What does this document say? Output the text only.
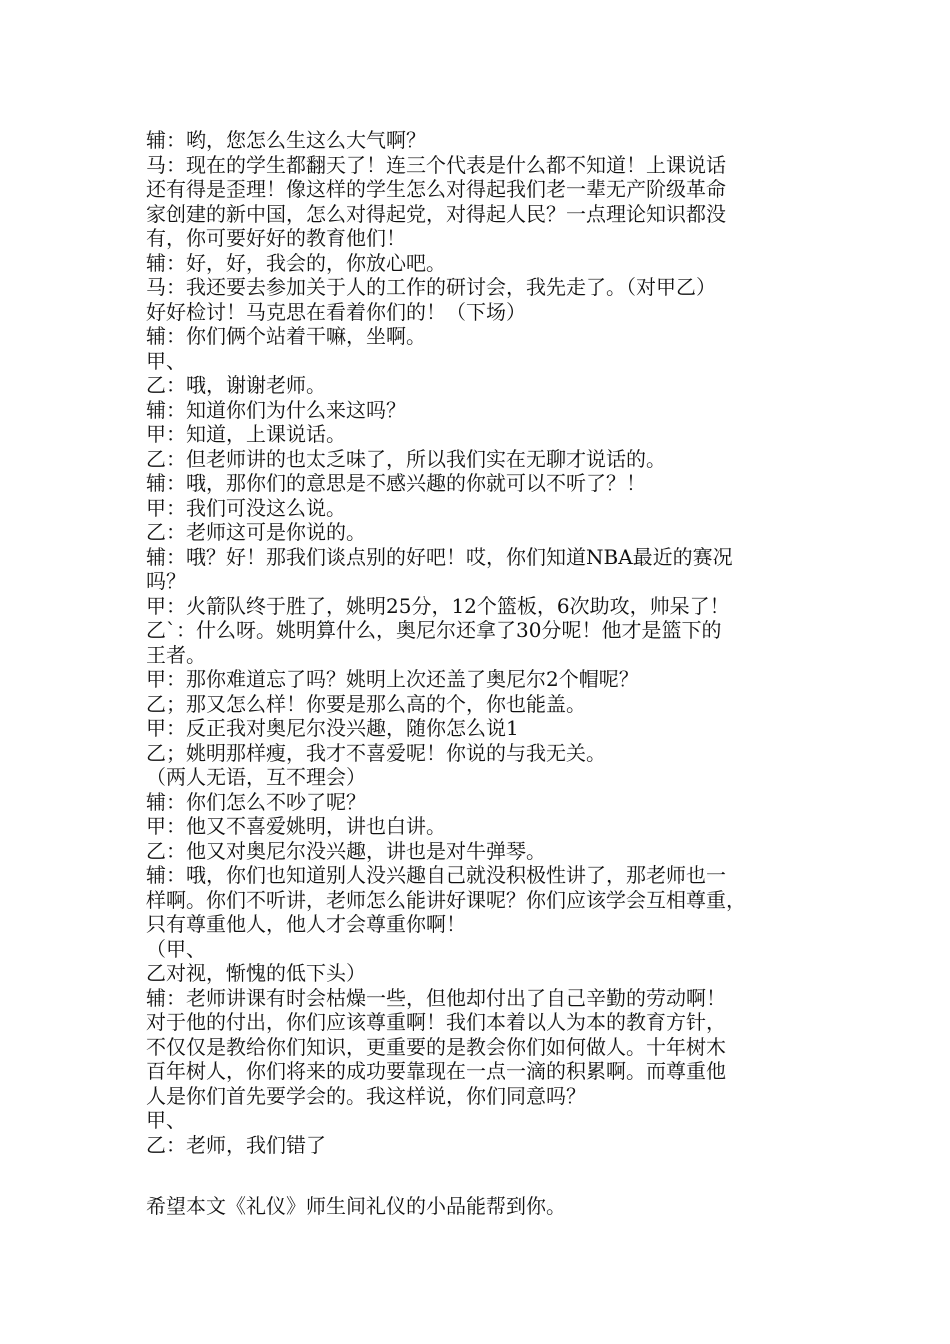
辅：哟，您怎么生这么大气啊？
马：现在的学生都翻天了！连三个代表是什么都不知道！上课说话
还有得是歪理！像这样的学生怎么对得起我们老一辈无产阶级革命
家创建的新中国，怎么对得起党，对得起人民？一点理论知识都没
有，你可要好好的教育他们！
辅：好，好，我会的，你放心吧。
马：我还要去参加关于人的工作的研讨会，我先走了。（对甲乙）
好好检讨！马克思在看着你们的！（下场）
辅：你们俩个站着干嘛，坐啊。
甲、
乙：哦，谢谢老师。
辅：知道你们为什么来这吗？
甲：知道，上课说话。
乙：但老师讲的也太乏味了，所以我们实在无聊才说话的。
辅：哦，那你们的意思是不感兴趣的你就可以不听了？！
甲：我们可没这么说。
乙：老师这可是你说的。
辅：哦？好！那我们谈点别的好吧！哎，你们知道NBA最近的赛况
吗？
甲：火箭队终于胜了，姚明25分，12个篮板，6次助攻，帅呆了！
乙`：什么呀。姚明算什么，奥尼尔还拿了30分呢！他才是篮下的
王者。
甲：那你难道忘了吗？姚明上次还盖了奥尼尔2个帽呢？
乙；那又怎么样！你要是那么高的个，你也能盖。
甲：反正我对奥尼尔没兴趣，随你怎么说1
乙；姚明那样瘦，我才不喜爱呢！你说的与我无关。
（两人无语，互不理会）
辅：你们怎么不吵了呢？
甲：他又不喜爱姚明，讲也白讲。
乙：他又对奥尼尔没兴趣，讲也是对牛弹琴。
辅：哦，你们也知道别人没兴趣自己就没积极性讲了，那老师也一
样啊。你们不听讲，老师怎么能讲好课呢？你们应该学会互相尊重，
只有尊重他人，他人才会尊重你啊！
（甲、
乙对视，惭愧的低下头）
辅：老师讲课有时会枯燥一些，但他却付出了自己辛勤的劳动啊！
对于他的付出，你们应该尊重啊！我们本着以人为本的教育方针，
不仅仅是教给你们知识，更重要的是教会你们如何做人。十年树木
百年树人，你们将来的成功要靠现在一点一滴的积累啊。而尊重他
人是你们首先要学会的。我这样说，你们同意吗？
甲、
乙：老师，我们错了
希望本文《礼仪》师生间礼仪的小品能帮到你。
